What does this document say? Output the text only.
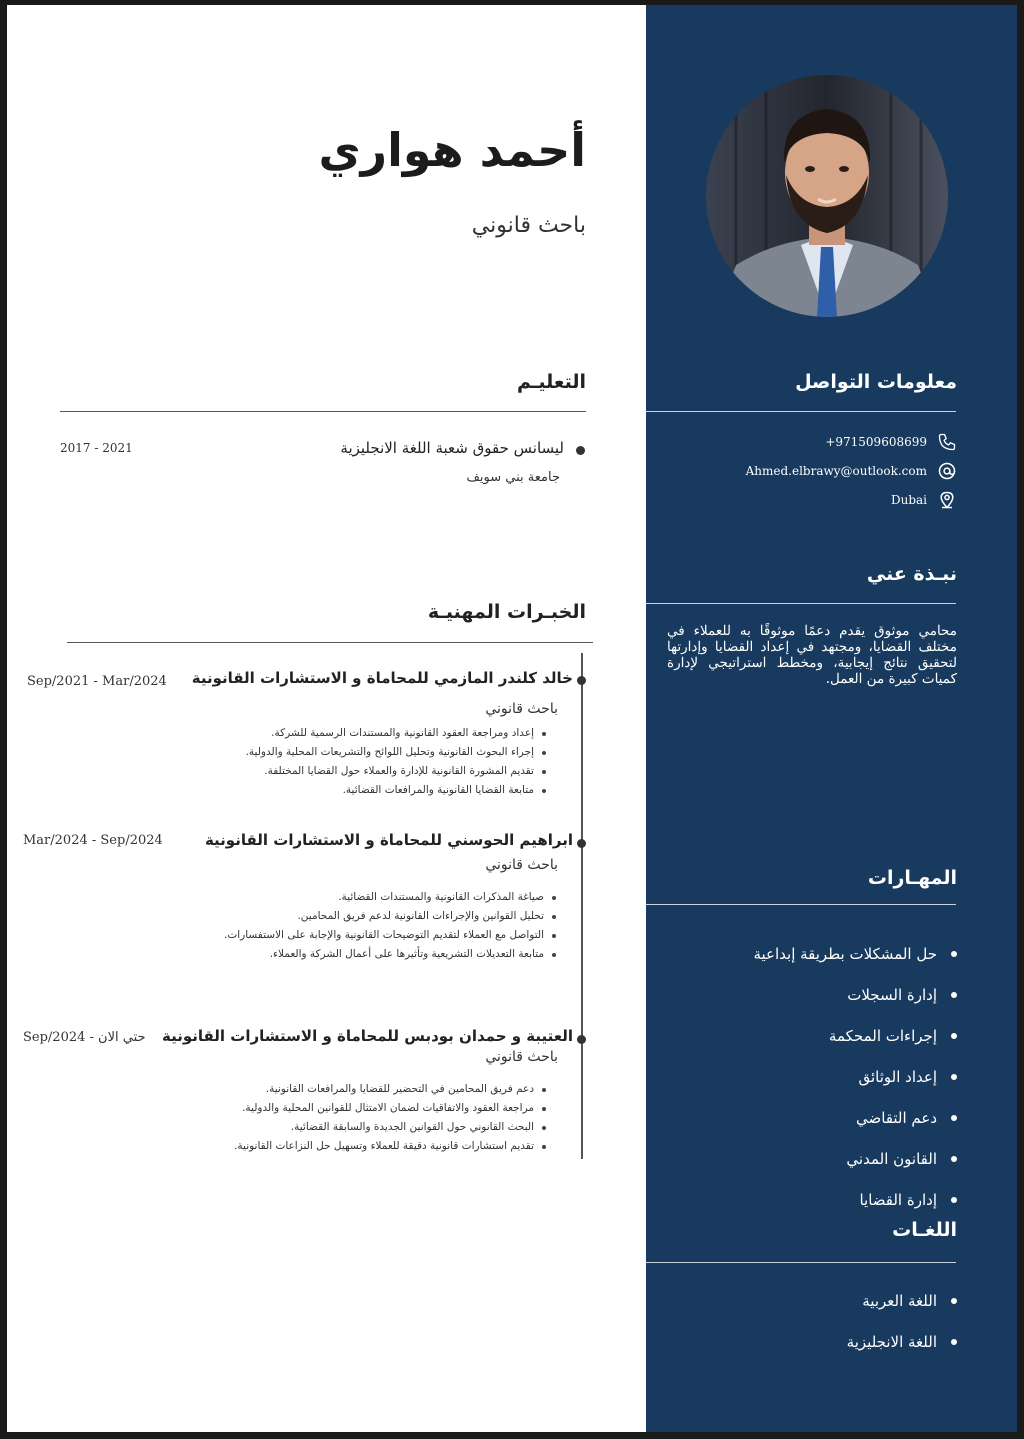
معلومات التواصل
+971509608699
Ahmed.elbrawy@outlook.com
Dubai
نبـذة عني

محامي موثوق يقدم دعمًا موثوقًا به للعملاء في مختلف القضايا، ومجتهد في إعداد القضايا وإدارتها لتحقيق نتائج إيجابية، ومخطط استراتيجي لإدارة كميات كبيرة من العمل.

المهـارات
حل المشكلات بطريقة إبداعية
إدارة السجلات
إجراءات المحكمة
إعداد الوثائق
دعم التقاضي
القانون المدني
إدارة القضايا
اللغـات
اللغة العربية
اللغة الانجليزية
أحمد هواري
باحث قانوني
التعليـم
ليسانس حقوق شعبة اللغة الانجليزية
جامعة بني سويف
2017 - 2021
الخبـرات المهنيـة
خالد كلندر المازمي للمحاماة و الاستشارات القانونية
باحث قانوني
Sep/2021 - Mar/2024
إعداد ومراجعة العقود القانونية والمستندات الرسمية للشركة.
إجراء البحوث القانونية وتحليل اللوائح والتشريعات المحلية والدولية.
تقديم المشورة القانونية للإدارة والعملاء حول القضايا المختلفة.
متابعة القضايا القانونية والمرافعات القضائية.
ابراهيم الحوسني للمحاماة و الاستشارات القانونية
باحث قانوني
Mar/2024 - Sep/2024
صياغة المذكرات القانونية والمستندات القضائية.
تحليل القوانين والإجراءات القانونية لدعم فريق المحامين.
التواصل مع العملاء لتقديم التوضيحات القانونية والإجابة على الاستفسارات.
متابعة التعديلات التشريعية وتأثيرها على أعمال الشركة والعملاء.
العتيبة و حمدان بودبس للمحاماة و الاستشارات القانونية
باحث قانوني
Sep/2024 - حتي الان
دعم فريق المحامين في التحضير للقضايا والمرافعات القانونية.
مراجعة العقود والاتفاقيات لضمان الامتثال للقوانين المحلية والدولية.
البحث القانوني حول القوانين الجديدة والسابقة القضائية.
تقديم استشارات قانونية دقيقة للعملاء وتسهيل حل النزاعات القانونية.
